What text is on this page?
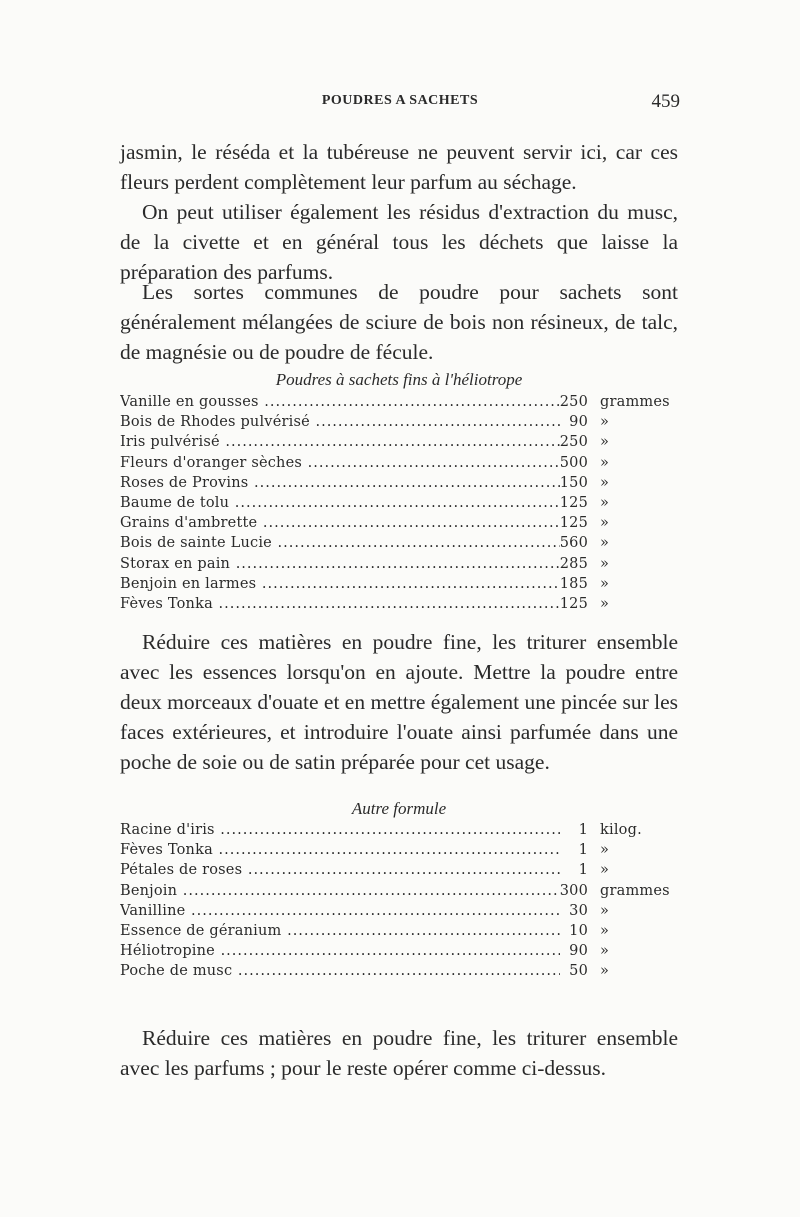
POUDRES A SACHETS	459

jasmin, le réséda et la tubéreuse ne peuvent servir ici, car ces fleurs perdent complètement leur parfum au séchage.

On peut utiliser également les résidus d'extraction du musc, de la civette et en général tous les déchets que laisse la préparation des parfums.

Les sortes communes de poudre pour sachets sont généralement mélangées de sciure de bois non résineux, de talc, de magnésie ou de poudre de fécule.

Poudres à sachets fins à l'héliotrope
Vanille en gousses .....	250 grammes
Bois de Rhodes pulvérisé .....	90 »
Iris pulvérisé .....	250 »
Fleurs d'oranger sèches .....	500 »
Roses de Provins .....	150 »
Baume de tolu .....	125 »
Grains d'ambrette .....	125 »
Bois de sainte Lucie .....	560 »
Storax en pain .....	285 »
Benjoin en larmes .....	185 »
Fèves Tonka .....	125 »

Réduire ces matières en poudre fine, les triturer ensemble avec les essences lorsqu'on en ajoute. Mettre la poudre entre deux morceaux d'ouate et en mettre également une pincée sur les faces extérieures, et introduire l'ouate ainsi parfumée dans une poche de soie ou de satin préparée pour cet usage.

Autre formule
Racine d'iris .....	1 kilog.
Fèves Tonka .....	1 »
Pétales de roses .....	1 »
Benjoin .....	300 grammes
Vanilline .....	30 »
Essence de géranium .....	10 »
Héliotropine .....	90 »
Poche de musc .....	50 »

Réduire ces matières en poudre fine, les triturer ensemble avec les parfums ; pour le reste opérer comme ci-dessus.
